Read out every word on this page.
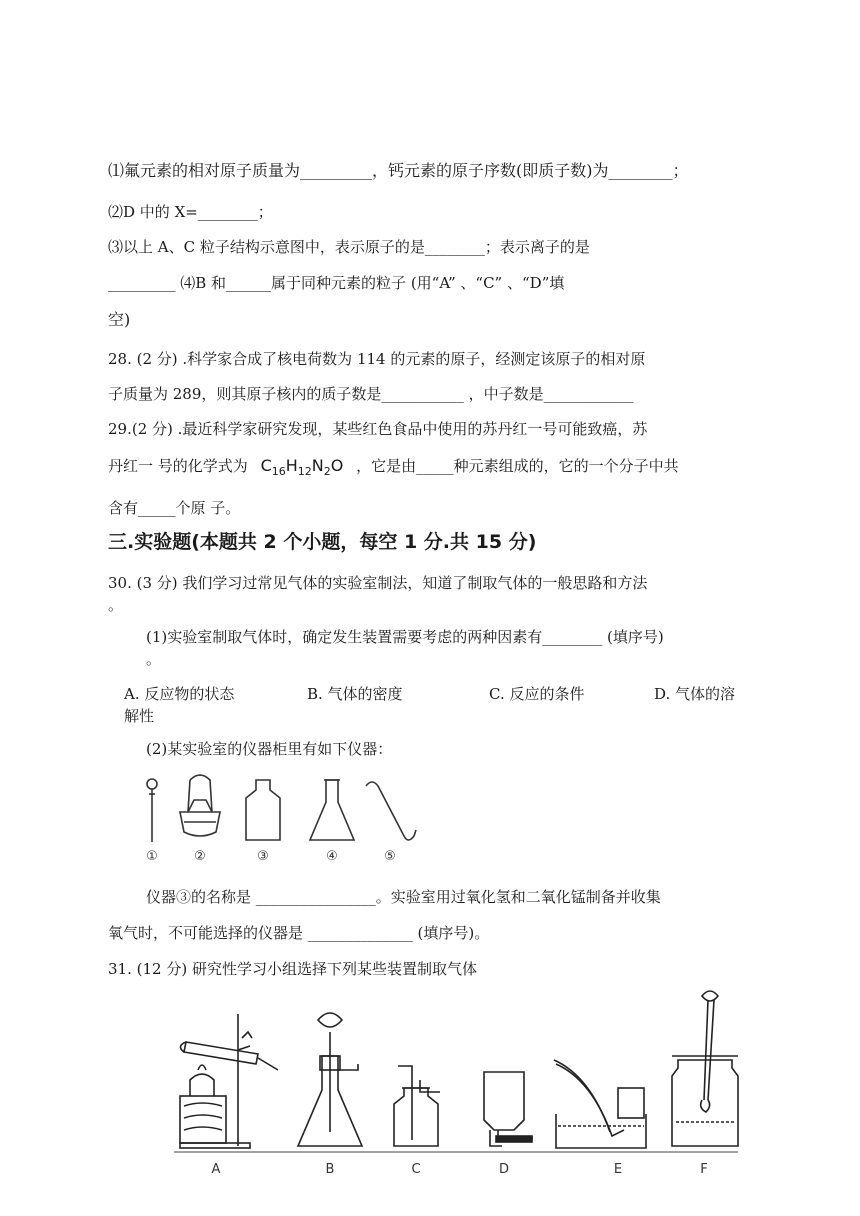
⑴氟元素的相对原子质量为_________，钙元素的原子序数(即质子数)为________；
⑵D 中的 X=________；
⑶以上 A、C 粒子结构示意图中，表示原子的是________；表示离子的是
_________ ⑷B 和______属于同种元素的粒子 (用“A” 、“C” 、“D”填
空)
28. (2 分) .科学家合成了核电荷数为 114 的元素的原子，经测定该原子的相对原
子质量为 289，则其原子核内的质子数是___________ ，中子数是____________
29.(2 分) .最近科学家研究发现，某些红色食品中使用的苏丹红一号可能致癌，苏
丹红一 号的化学式为 $C_{16}H_{12}N_2O$ ，它是由_____种元素组成的，它的一个分子中共
含有_____个原 子。
三.实验题(本题共 2 个小题，每空 1 分.共 15 分)
30. (3 分) 我们学习过常见气体的实验室制法，知道了制取气体的一般思路和方法
。
(1)实验室制取气体时，确定发生装置需要考虑的两种因素有________ (填序号)
。
A. 反应物的状态	B. 气体的密度	C. 反应的条件	D. 气体的溶
解性
(2)某实验室的仪器柜里有如下仪器：
①	②	③	④	⑤
仪器③的名称是 ________________。实验室用过氧化氢和二氧化锰制备并收集
氧气时，不可能选择的仪器是 ______________ (填序号)。
31. (12 分) 研究性学习小组选择下列某些装置制取气体
A	B	C	D	E	F
